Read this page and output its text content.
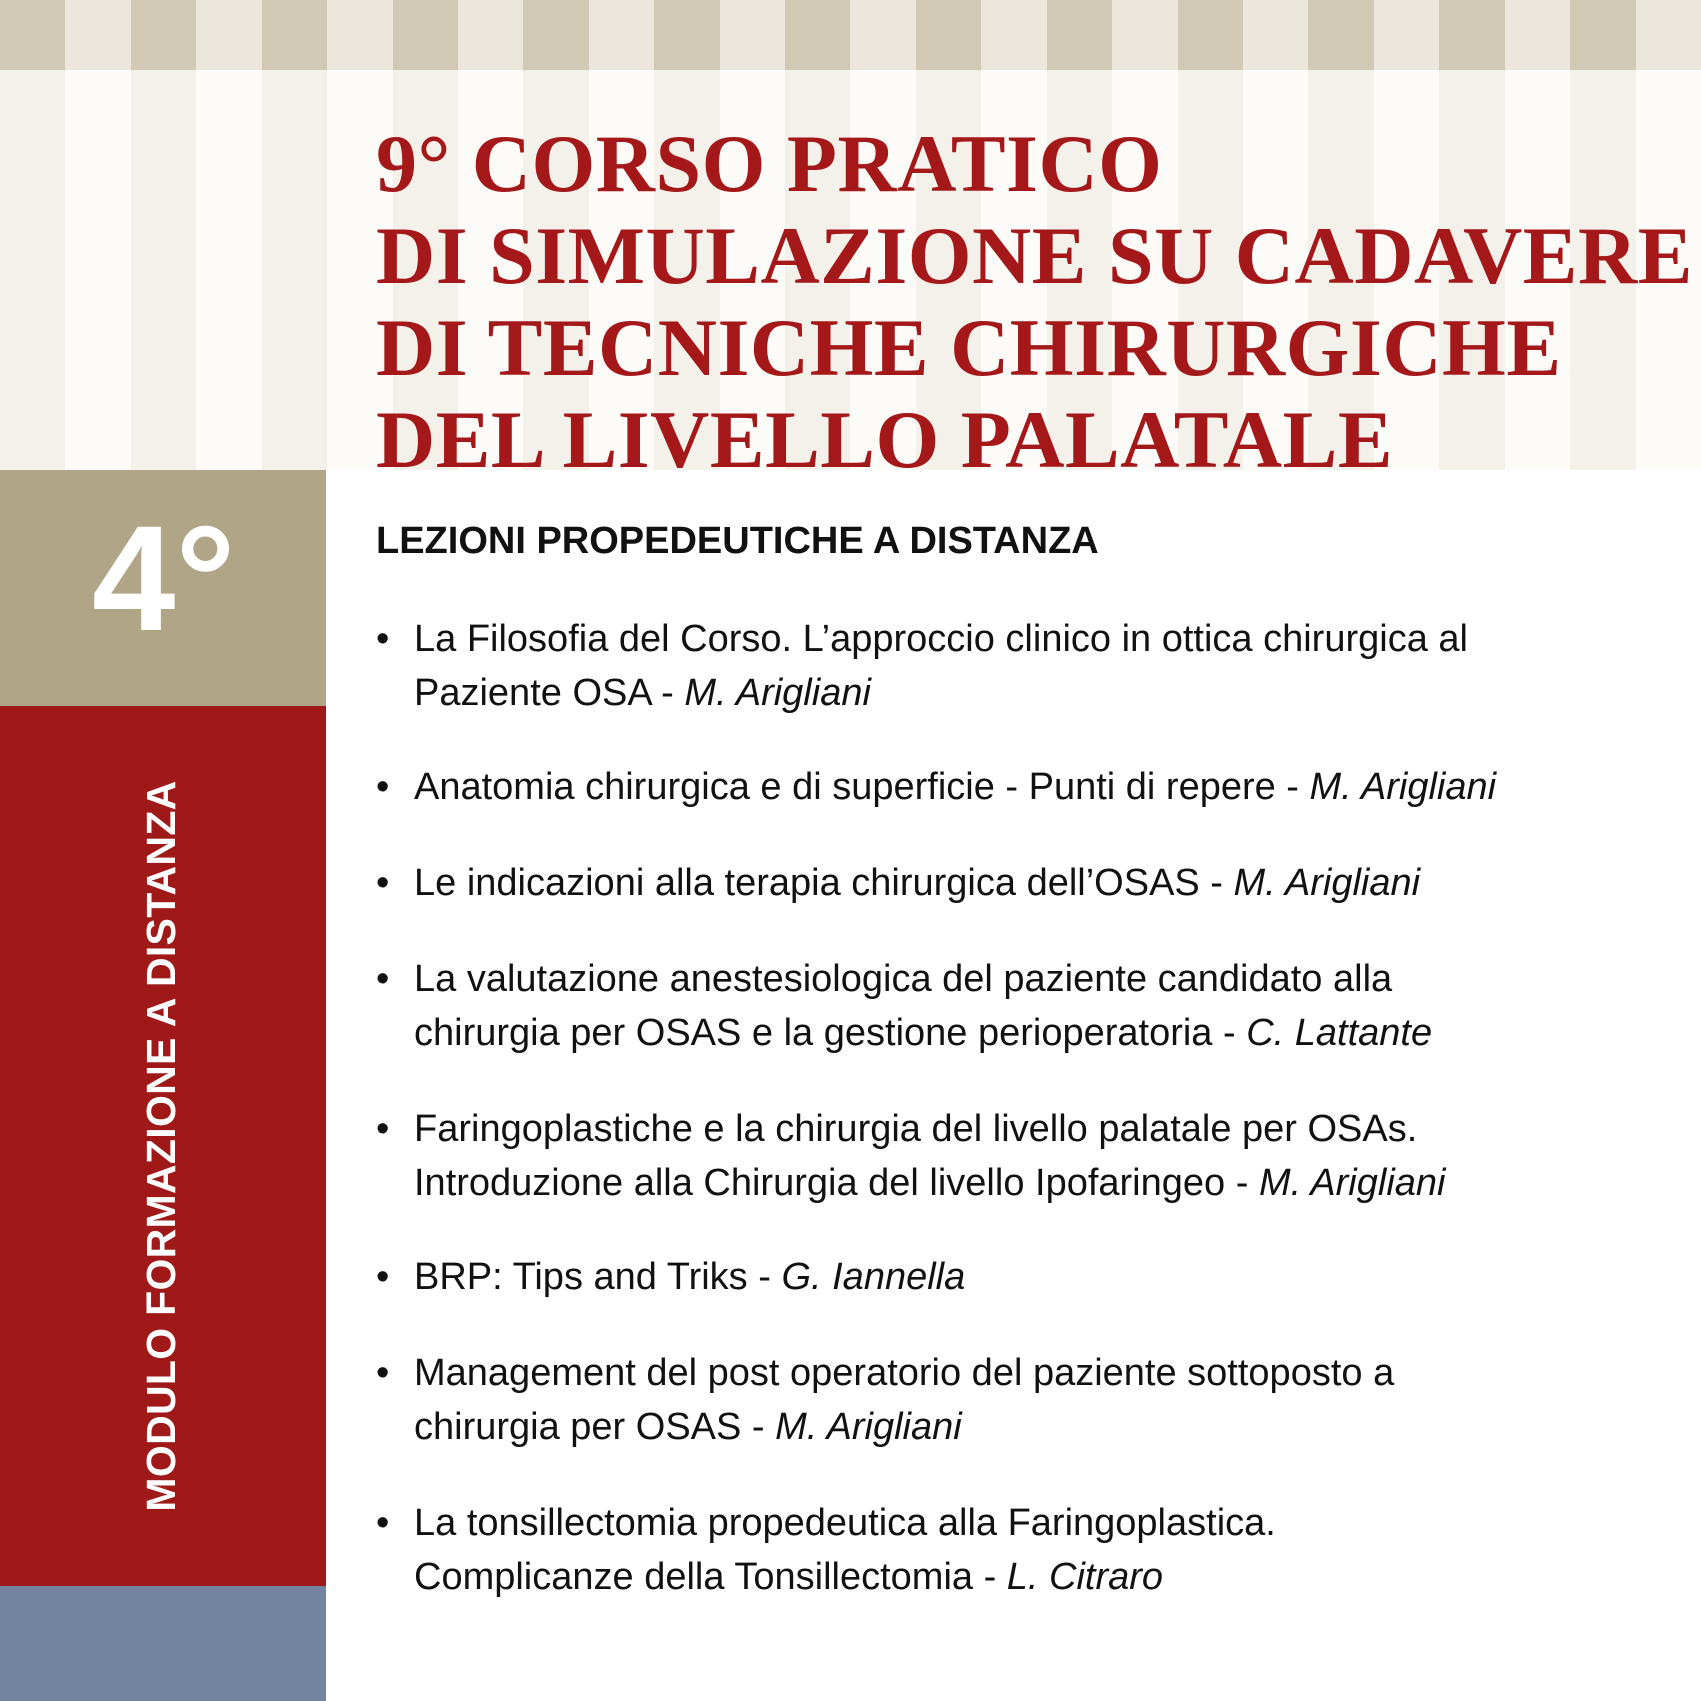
9° CORSO PRATICO
DI SIMULAZIONE SU CADAVERE
DI TECNICHE CHIRURGICHE
DEL LIVELLO PALATALE
4°
MODULO FORMAZIONE A DISTANZA
LEZIONI PROPEDEUTICHE A DISTANZA
• La Filosofia del Corso. L’approccio clinico in ottica chirurgica al
Paziente OSA - M. Arigliani
• Anatomia chirurgica e di superficie - Punti di repere - M. Arigliani
• Le indicazioni alla terapia chirurgica dell’OSAS - M. Arigliani
• La valutazione anestesiologica del paziente candidato alla
chirurgia per OSAS e la gestione perioperatoria - C. Lattante
• Faringoplastiche e la chirurgia del livello palatale per OSAs.
Introduzione alla Chirurgia del livello Ipofaringeo - M. Arigliani
• BRP: Tips and Triks - G. Iannella
• Management del post operatorio del paziente sottoposto a
chirurgia per OSAS - M. Arigliani
• La tonsillectomia propedeutica alla Faringoplastica.
Complicanze della Tonsillectomia - L. Citraro
